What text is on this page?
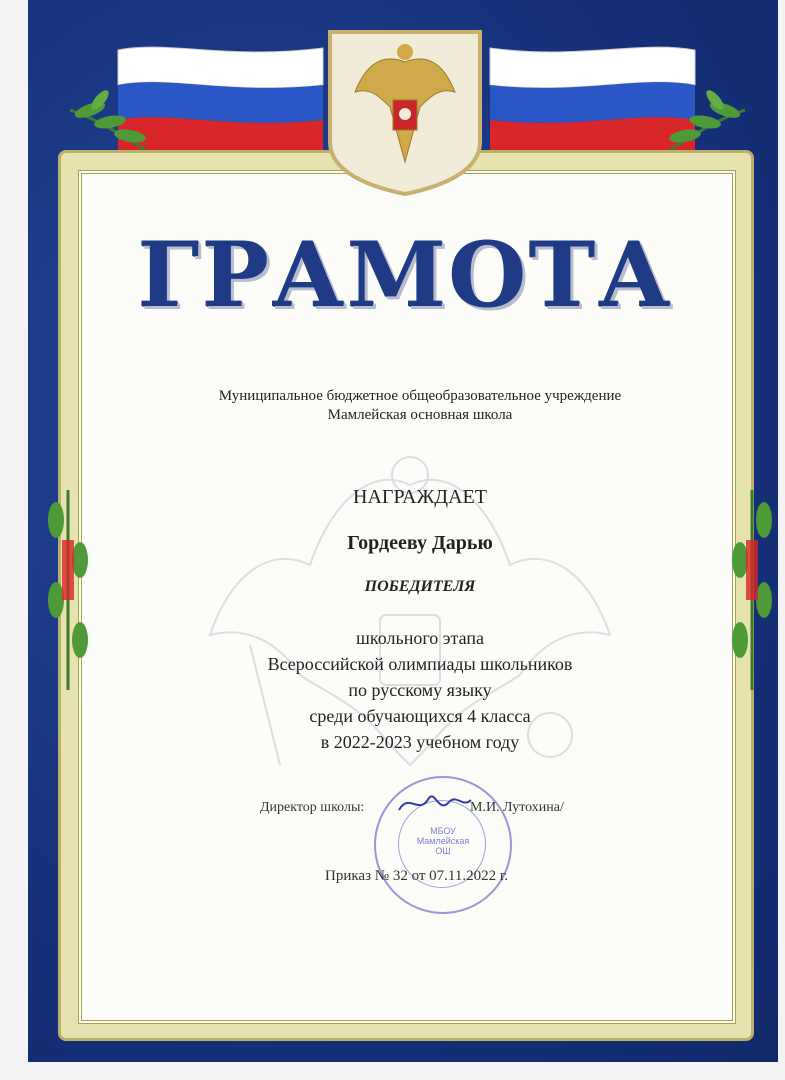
ГРАМОТА
Муниципальное бюджетное общеобразовательное учреждение
Мамлейская основная школа
НАГРАЖДАЕТ
Гордееву Дарью
ПОБЕДИТЕЛЯ
школьного этапа
Всероссийской олимпиады школьников
по русскому языку
среди обучающихся 4 класса
в 2022-2023 учебном году
Директор школы:	М.И. Лутохина/
МБОУ Мамлейская ОШ
Приказ № 32 от 07.11.2022 г.
